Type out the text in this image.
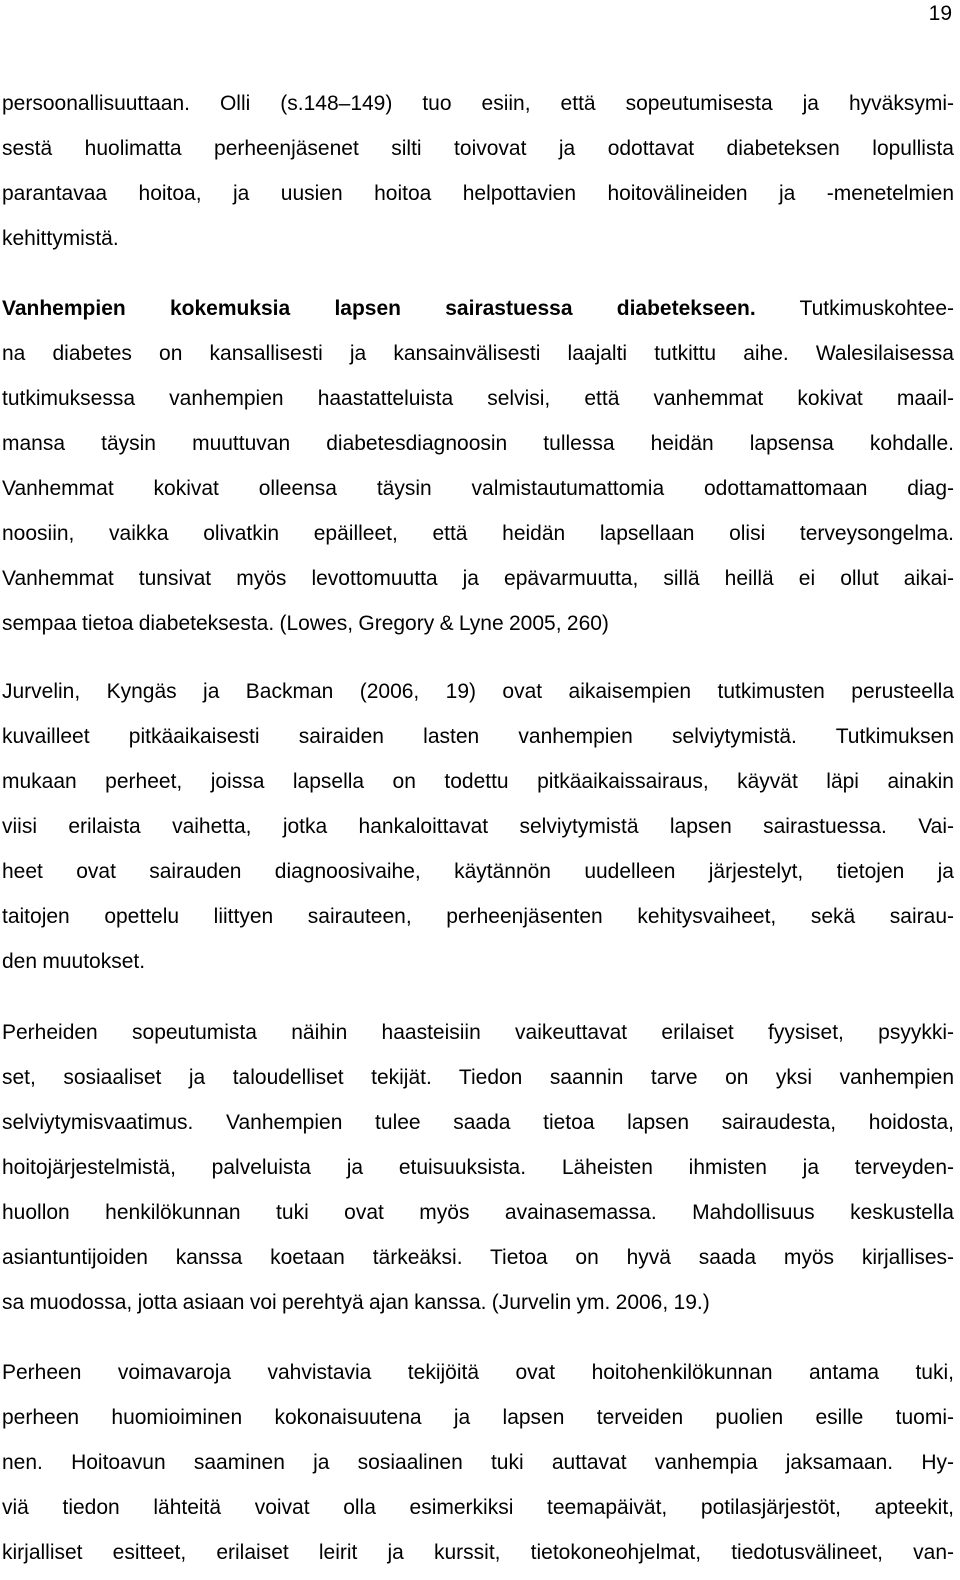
19
persoonallisuuttaan. Olli (s.148–149) tuo esiin, että sopeutumisesta ja hyväksymi-
sestä huolimatta perheenjäsenet silti toivovat ja odottavat diabeteksen lopullista
parantavaa hoitoa, ja uusien hoitoa helpottavien hoitovälineiden ja -menetelmien
kehittymistä.
Vanhempien kokemuksia lapsen sairastuessa diabetekseen. Tutkimuskohtee-
na diabetes on kansallisesti ja kansainvälisesti laajalti tutkittu aihe. Walesilaisessa
tutkimuksessa vanhempien haastatteluista selvisi, että vanhemmat kokivat maail-
mansa täysin muuttuvan diabetesdiagnoosin tullessa heidän lapsensa kohdalle.
Vanhemmat kokivat olleensa täysin valmistautumattomia odottamattomaan diag-
noosiin, vaikka olivatkin epäilleet, että heidän lapsellaan olisi terveysongelma.
Vanhemmat tunsivat myös levottomuutta ja epävarmuutta, sillä heillä ei ollut aikai-
sempaa tietoa diabeteksesta. (Lowes, Gregory & Lyne 2005, 260)
Jurvelin, Kyngäs ja Backman (2006, 19) ovat aikaisempien tutkimusten perusteella
kuvailleet pitkäaikaisesti sairaiden lasten vanhempien selviytymistä. Tutkimuksen
mukaan perheet, joissa lapsella on todettu pitkäaikaissairaus, käyvät läpi ainakin
viisi erilaista vaihetta, jotka hankaloittavat selviytymistä lapsen sairastuessa. Vai-
heet ovat sairauden diagnoosivaihe, käytännön uudelleen järjestelyt, tietojen ja
taitojen opettelu liittyen sairauteen, perheenjäsenten kehitysvaiheet, sekä sairau-
den muutokset.
Perheiden sopeutumista näihin haasteisiin vaikeuttavat erilaiset fyysiset, psyykki-
set, sosiaaliset ja taloudelliset tekijät. Tiedon saannin tarve on yksi vanhempien
selviytymisvaatimus. Vanhempien tulee saada tietoa lapsen sairaudesta, hoidosta,
hoitojärjestelmistä, palveluista ja etuisuuksista. Läheisten ihmisten ja terveyden-
huollon henkilökunnan tuki ovat myös avainasemassa. Mahdollisuus keskustella
asiantuntijoiden kanssa koetaan tärkeäksi. Tietoa on hyvä saada myös kirjallises-
sa muodossa, jotta asiaan voi perehtyä ajan kanssa. (Jurvelin ym. 2006, 19.)
Perheen voimavaroja vahvistavia tekijöitä ovat hoitohenkilökunnan antama tuki,
perheen huomioiminen kokonaisuutena ja lapsen terveiden puolien esille tuomi-
nen. Hoitoavun saaminen ja sosiaalinen tuki auttavat vanhempia jaksamaan. Hy-
viä tiedon lähteitä voivat olla esimerkiksi teemapäivät, potilasjärjestöt, apteekit,
kirjalliset esitteet, erilaiset leirit ja kurssit, tietokoneohjelmat, tiedotusvälineet, van-
